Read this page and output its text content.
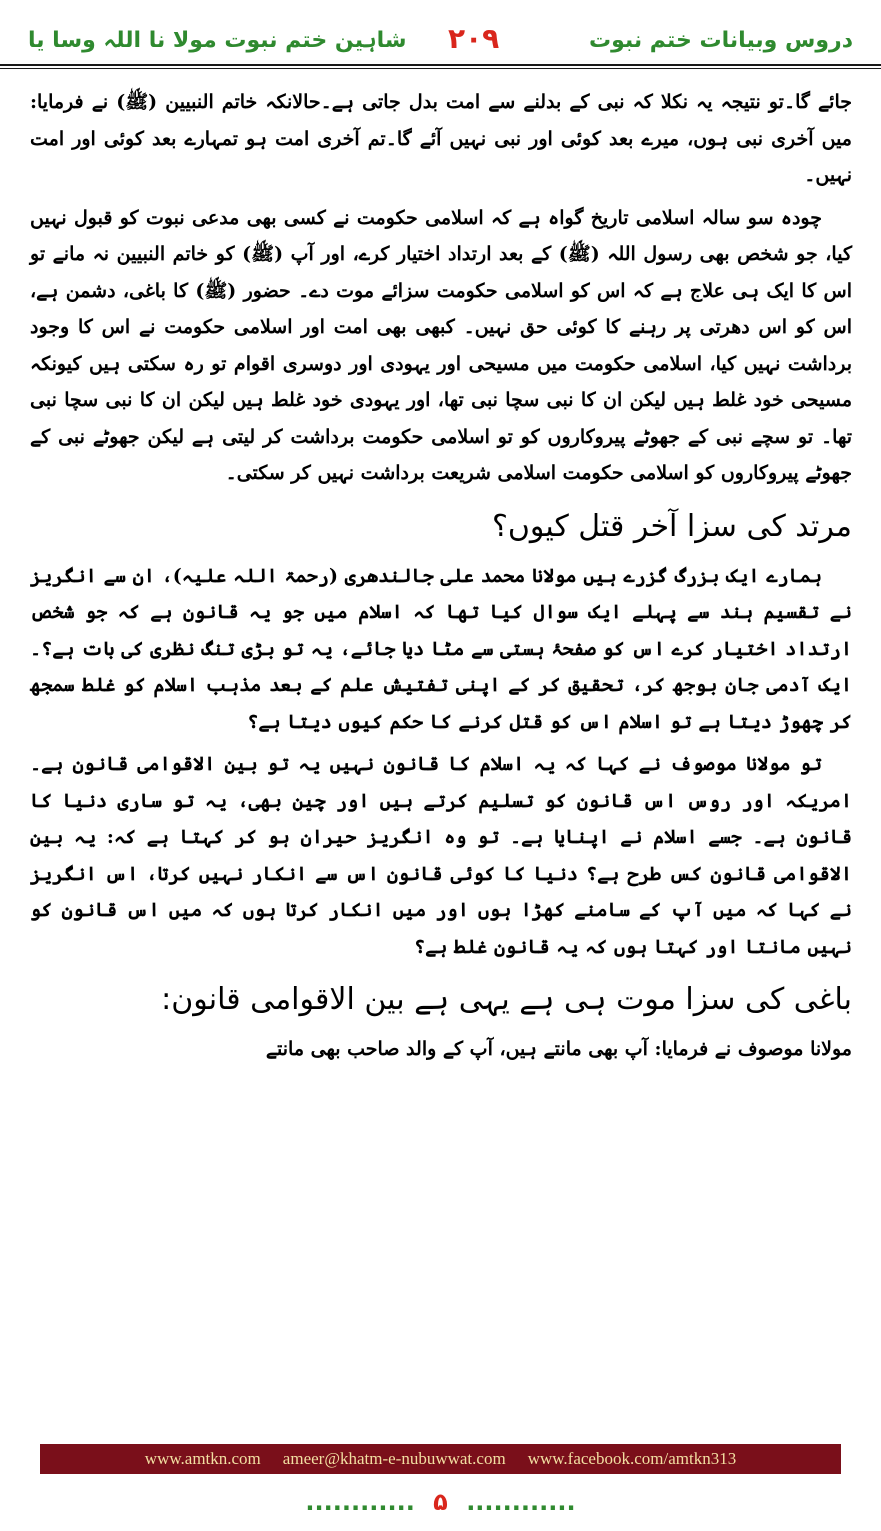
دروس وبیانات ختم نبوت
۲۰۹
شاہین ختم نبوت مولا نا اللہ وسا یا

جائے گا۔تو نتیجہ یہ نکلا کہ نبی کے بدلنے سے امت بدل جاتی ہے۔حالانکہ خاتم النبیین (ﷺ) نے فرمایا: میں آخری نبی ہوں، میرے بعد کوئی اور نبی نہیں آئے گا۔تم آخری امت ہو تمہارے بعد کوئی اور امت نہیں۔

چودہ سو سالہ اسلامی تاریخ گواہ ہے کہ اسلامی حکومت نے کسی بھی مدعی نبوت کو قبول نہیں کیا، جو شخص بھی رسول اللہ (ﷺ) کے بعد ارتداد اختیار کرے، اور آپ (ﷺ) کو خاتم النبیین نہ مانے تو اس کا ایک ہی علاج ہے کہ اس کو اسلامی حکومت سزائے موت دے۔ حضور (ﷺ) کا باغی، دشمن ہے، اس کو اس دھرتی پر رہنے کا کوئی حق نہیں۔ کبھی بھی امت اور اسلامی حکومت نے اس کا وجود برداشت نہیں کیا، اسلامی حکومت میں مسیحی اور یہودی اور دوسری اقوام تو رہ سکتی ہیں کیونکہ مسیحی خود غلط ہیں لیکن ان کا نبی سچا نبی تھا، اور یہودی خود غلط ہیں لیکن ان کا نبی سچا نبی تھا۔ تو سچے نبی کے جھوٹے پیروکاروں کو تو اسلامی حکومت برداشت کر لیتی ہے لیکن جھوٹے نبی کے جھوٹے پیروکاروں کو اسلامی حکومت اسلامی شریعت برداشت نہیں کر سکتی۔

مرتد کی سزا آخر قتل کیوں؟

ہمارے ایک بزرگ گزرے ہیں مولانا محمد علی جالندھری (رحمۃ اللہ علیہ)، ان سے انگریز نے تقسیم ہند سے پہلے ایک سوال کیا تھا کہ اسلام میں جو یہ قانون ہے کہ جو شخص ارتداد اختیار کرے اس کو صفحۂ ہستی سے مٹا دیا جائے، یہ تو بڑی تنگ نظری کی بات ہے؟۔ ایک آدمی جان بوجھ کر، تحقیق کر کے اپنی تفتیش علم کے بعد مذہب اسلام کو غلط سمجھ کر چھوڑ دیتا ہے تو اسلام اس کو قتل کرنے کا حکم کیوں دیتا ہے؟

تو مولانا موصوف نے کہا کہ یہ اسلام کا قانون نہیں یہ تو بین الاقوامی قانون ہے۔ امریکہ اور روس اس قانون کو تسلیم کرتے ہیں اور چین بھی، یہ تو ساری دنیا کا قانون ہے۔ جسے اسلام نے اپنایا ہے۔ تو وہ انگریز حیران ہو کر کہتا ہے کہ: یہ بین الاقوامی قانون کس طرح ہے؟ دنیا کا کوئی قانون اس سے انکار نہیں کرتا، اس انگریز نے کہا کہ میں آپ کے سامنے کھڑا ہوں اور میں انکار کرتا ہوں کہ میں اس قانون کو نہیں مانتا اور کہتا ہوں کہ یہ قانون غلط ہے؟

باغی کی سزا موت ہی ہے یہی ہے بین الاقوامی قانون:

مولانا موصوف نے فرمایا: آپ بھی مانتے ہیں، آپ کے والد صاحب بھی مانتے

www.amtkn.com ameer@khatm-e-nubuwwat.com www.facebook.com/amtkn313
............ ۵ ............
